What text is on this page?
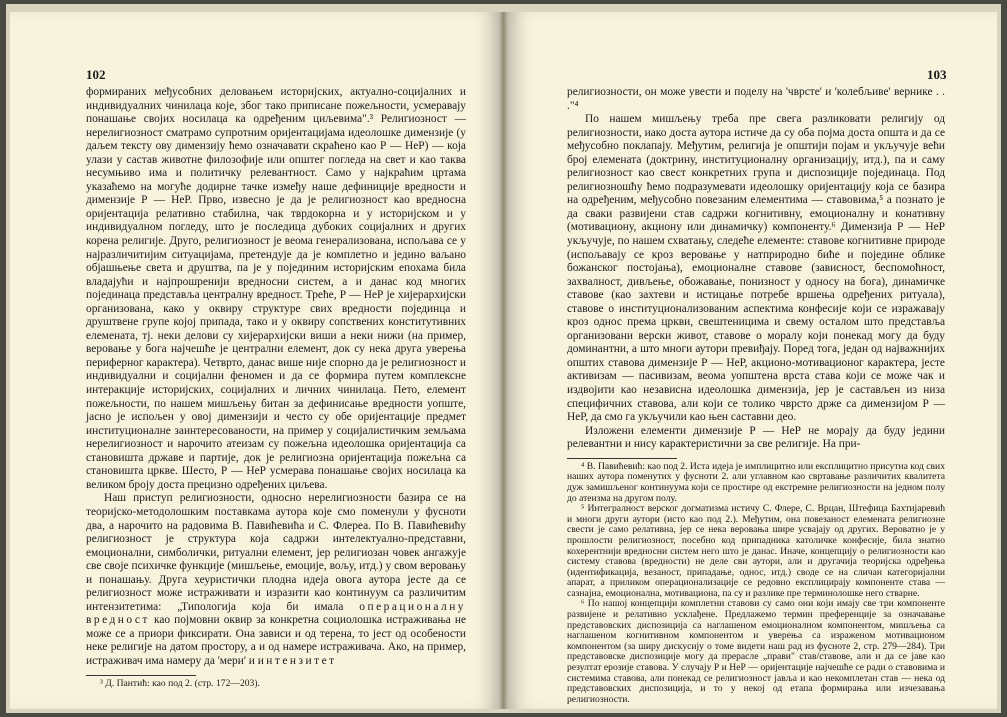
102

формираних међусобних деловањем историјских, актуално-социјалних и индивидуалних чинилаца које, због тако приписане пожељности, усмеравају понашање својих носилаца ка одређеним циљевима".³ Религиозност — нерелигиозност сматрамо супротним оријентацијама идеолошке димензије (у даљем тексту ову димензију ћемо означавати скраћено као Р — НеР) — која улази у састав животне филозофије или општег погледа на свет и као таква несумњиво има и политичку релевантност. Само у најкраћим цртама указаћемо на могуће додирне тачке између наше дефиниције вредности и димензије Р — НеР. Прво, извесно је да је религиозност као вредносна оријентација релативно стабилна, чак тврдокорна и у историјском и у индивидуалном погледу, што је последица дубоких социјалних и других корена религије. Друго, религиозност је веома генерализована, испољава се у најразличитијим ситуацијама, претендује да је комплетно и једино ваљано објашњење света и друштва, па је у појединим историјским епохама била владајући и најпрошренији вредносни систем, а и данас код многих појединаца представља централну вредност. Треће, Р — НеР је хијерархијски организована, како у оквиру структуре свих вредности појединца и друштвене групе којој припада, тако и у оквиру сопствених конститутивних елемената, тј. неки делови су хијерархијски виши а неки нижи (на пример, веровање у бога најчешће је централни елемент, док су нека друга уверења периферног карактера). Четврто, данас више није спорно да је религиозност и индивидуални и социјални феномен и да се формира путем комплексне интеракције историјских, социјалних и личних чинилаца. Пето, елемент пожељности, по нашем мишљењу битан за дефинисање вредности уопште, јасно је испољен у овој димензији и често су обе оријентације предмет институционалне заинтересованости, на пример у социјалистичким земљама нерелигиозност и нарочито атеизам су пожељна идеолошка оријентација са становишта државе и партије, док је религиозна оријентација пожељна са становишта цркве. Шесто, Р — НеР усмерава понашање својих носилаца ка великом броју доста прецизно одређених циљева.

Наш приступ религиозности, односно нерелигиозности базира се на теоријско-методолошким поставкама аутора које смо поменули у фусноти два, а нарочито на радовима В. Павићевића и С. Флереа. По В. Павићевићу религиозност је структура која садржи интелектуално-представни, емоционални, симболички, ритуални елемент, јер религиозан човек ангажује све своје психичке функције (мишљење, емоције, вољу, итд.) у свом веровању и понашању. Друга хеуристички плодна идеја овога аутора јесте да се религиозност може истраживати и изразити као континуум са различитим интензитетима: „Типологија која би имала операционалну вредност као појмовни оквир за конкретна социолошка истраживања не може се а приори фиксирати. Она зависи и од терена, то јест од особености неке религије на датом простору, а и од намере истраживача. Ако, на пример, истраживач има намеру да 'мери' и интензитет

³ Д. Пантић: као под 2. (стр. 172—203).

103

религиозности, он може увести и поделу на 'чврсте' и 'колебљиве' вернике . . ."⁴

По нашем мишљењу треба пре свега разликовати религију од религиозности, иако доста аутора истиче да су оба појма доста општа и да се међусобно поклапају. Међутим, религија је општији појам и укључује већи број елемената (доктрину, институционалну организацију, итд.), па и саму религиозност као свест конкретних група и диспозиције појединаца. Под религиозношћу ћемо подразумевати идеолошку оријентацију која се базира на одређеним, међусобно повезаним елементима — ставовима,⁵ а познато је да сваки развијени став садржи когнитивну, емоционалну и конативну (мотивациону, акциону или динамичку) компоненту.⁶ Димензија Р — НеР укључује, по нашем схватању, следеће елементе: ставове когнитивне природе (испољавају се кроз веровање у натприродно биће и поједине облике божанског постојања), емоционалне ставове (зависност, беспомоћност, захвалност, дивљење, обожавање, понизност у односу на бога), динамичке ставове (као захтеви и истицање потребе вршења одређених ритуала), ставове о институционализованим аспектима конфесије који се изражавају кроз однос према цркви, свештеницима и свему осталом што представља организовани верски живот, ставове о моралу који понекад могу да буду доминантни, а што многи аутори превиђају. Поред тога, један од најважнијих општих ставова димензије Р — НеР, акционо-мотивационог карактера, јесте активизам — пасивизам, веома уопштена врста става који се може чак и издвојити као независна идеолошка димензија, јер је састављен из низа специфичних ставова, али који се толико чврсто држе са димензијом Р — НеР, да смо га укључили као њен саставни део.

Изложени елементи димензије Р — НеР не морају да буду једини релевантни и нису карактеристични за све религије. На при-

⁴ В. Павићевић: као под 2. Иста идеја је имплицитно или експлицитно присутна код свих наших аутора поменутих у фусноти 2. али углавном као свртавање различитих квалитета дуж замишљеног континуума који се простире од екстремне религиозности на једном полу до атеизма на другом полу.

⁵ Интегралност верског догматизма истичу С. Флере, С. Врцан, Штефица Бахтијаревић и многи други аутори (исто као под 2.). Међутим, она повезаност елемената религиозне свести је само релативна, јер се нека веровања шире усвајају од других. Вероватно је у прошлости религиозност, посебно код припадника католичке конфесије, била знатно кохерентнији вредносни систем него што је данас. Иначе, концепцију о религиозности као систему ставова (вредности) не деле сви аутори, али и другачија теоријска одређења (идентификација, везаност, припадање, однос, итд.) своде се на сличан категоријални апарат, а приликом операционализације се редовно експлицирају компоненте става — сазнајна, емоционална, мотивациона, па су и разлике пре терминолошке него стварне.

⁶ По нашој концепцији комплетни ставови су само они који имају све три компоненте развијене и релативно усклађене. Предлажемо термин преференције за означавање представовских диспозиција са наглашеном емоционалном компонентом, мишљења са наглашеном когнитивном компонентом и уверења са израженом мотивационом компонентом (за ширу дискусију о томе видети наш рад из фусноте 2, стр. 279—284). Три представовске диспозиције могу да прерасле „прави" став/ставове, али и да се јаве као резултат ерозије ставова. У случају Р и НеР — оријентације најчешће се ради о ставовима и системима ставова, али понекад се религиозност јавља и као некомплетан став — нека од представовских диспозиција, и то у некој од етапа формирања или изчезавања религиозности.
